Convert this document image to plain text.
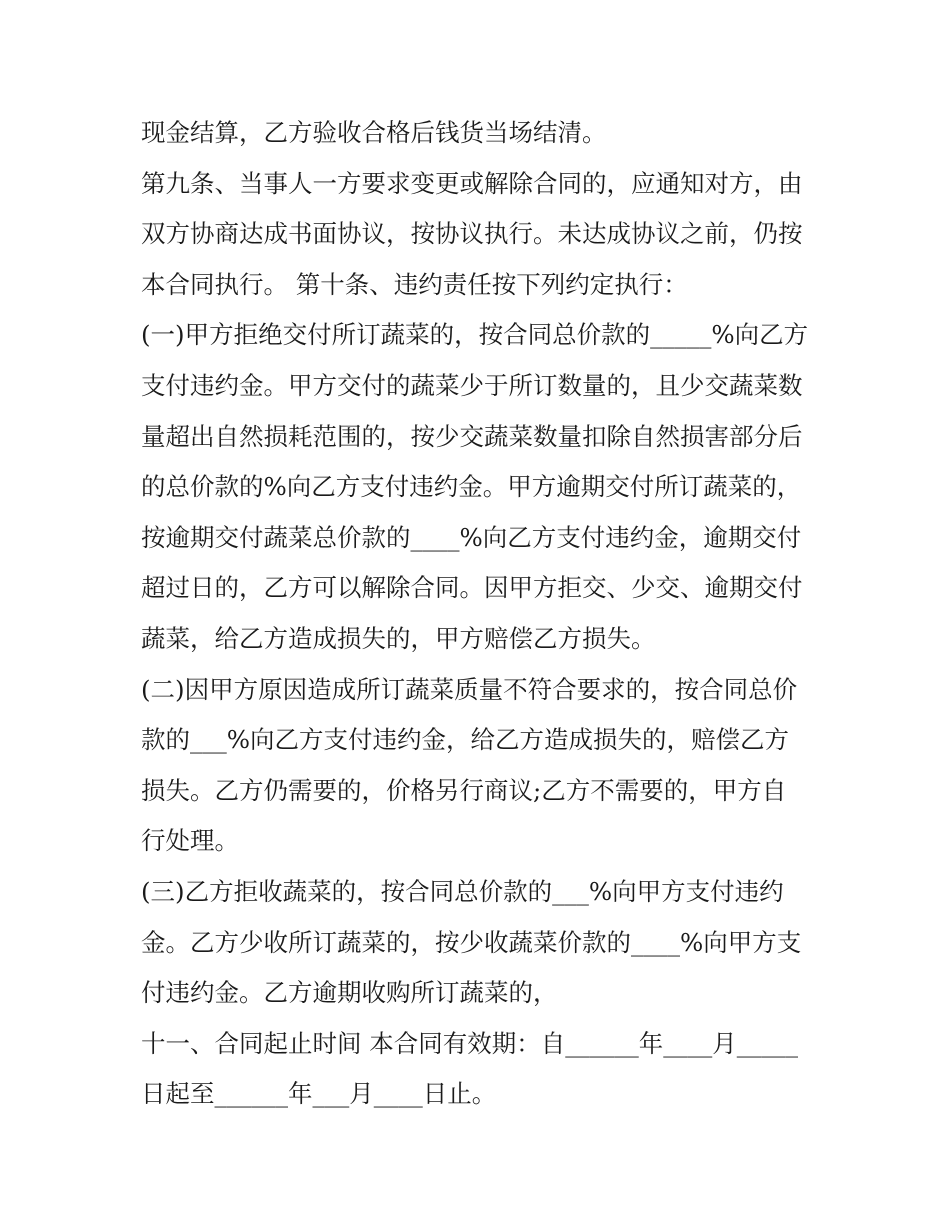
现金结算，乙方验收合格后钱货当场结清。
第九条、当事人一方要求变更或解除合同的，应通知对方，由
双方协商达成书面协议，按协议执行。未达成协议之前，仍按
本合同执行。 第十条、违约责任按下列约定执行：
(一)甲方拒绝交付所订蔬菜的，按合同总价款的_____%向乙方
支付违约金。甲方交付的蔬菜少于所订数量的，且少交蔬菜数
量超出自然损耗范围的，按少交蔬菜数量扣除自然损害部分后
的总价款的%向乙方支付违约金。甲方逾期交付所订蔬菜的，
按逾期交付蔬菜总价款的____%向乙方支付违约金，逾期交付
超过日的，乙方可以解除合同。因甲方拒交、少交、逾期交付
蔬菜，给乙方造成损失的，甲方赔偿乙方损失。
(二)因甲方原因造成所订蔬菜质量不符合要求的，按合同总价
款的___%向乙方支付违约金，给乙方造成损失的，赔偿乙方
损失。乙方仍需要的，价格另行商议;乙方不需要的，甲方自
行处理。
(三)乙方拒收蔬菜的，按合同总价款的___%向甲方支付违约
金。乙方少收所订蔬菜的，按少收蔬菜价款的____%向甲方支
付违约金。乙方逾期收购所订蔬菜的，
十一、合同起止时间 本合同有效期：自______年____月_____
日起至______年___月____日止。
